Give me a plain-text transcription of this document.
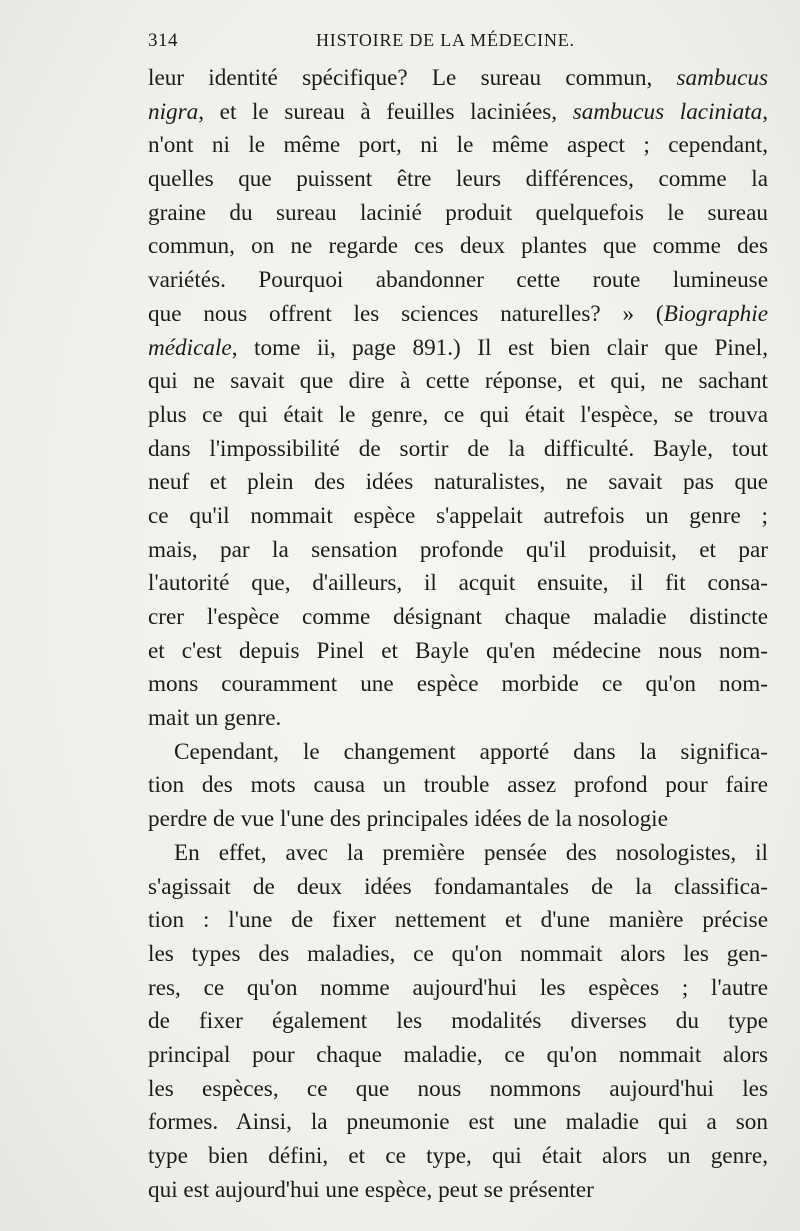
314	HISTOIRE DE LA MÉDECINE.
leur identité spécifique? Le sureau commun, sambucus
nigra, et le sureau à feuilles laciniées, sambucus laciniata,
n'ont ni le même port, ni le même aspect ; cependant,
quelles que puissent être leurs différences, comme la
graine du sureau lacinié produit quelquefois le sureau
commun, on ne regarde ces deux plantes que comme des
variétés. Pourquoi abandonner cette route lumineuse
que nous offrent les sciences naturelles? » (Biographie
médicale, tome ii, page 891.) Il est bien clair que Pinel,
qui ne savait que dire à cette réponse, et qui, ne sachant
plus ce qui était le genre, ce qui était l'espèce, se trouva
dans l'impossibilité de sortir de la difficulté. Bayle, tout
neuf et plein des idées naturalistes, ne savait pas que
ce qu'il nommait espèce s'appelait autrefois un genre ;
mais, par la sensation profonde qu'il produisit, et par
l'autorité que, d'ailleurs, il acquit ensuite, il fit consa-
crer l'espèce comme désignant chaque maladie distincte
et c'est depuis Pinel et Bayle qu'en médecine nous nom-
mons couramment une espèce morbide ce qu'on nom-
mait un genre.
Cependant, le changement apporté dans la significa-
tion des mots causa un trouble assez profond pour faire
perdre de vue l'une des principales idées de la nosologie
En effet, avec la première pensée des nosologistes, il
s'agissait de deux idées fondamantales de la classifica-
tion : l'une de fixer nettement et d'une manière précise
les types des maladies, ce qu'on nommait alors les gen-
res, ce qu'on nomme aujourd'hui les espèces ; l'autre
de fixer également les modalités diverses du type
principal pour chaque maladie, ce qu'on nommait alors
les espèces, ce que nous nommons aujourd'hui les
formes. Ainsi, la pneumonie est une maladie qui a son
type bien défini, et ce type, qui était alors un genre,
qui est aujourd'hui une espèce, peut se présenter
